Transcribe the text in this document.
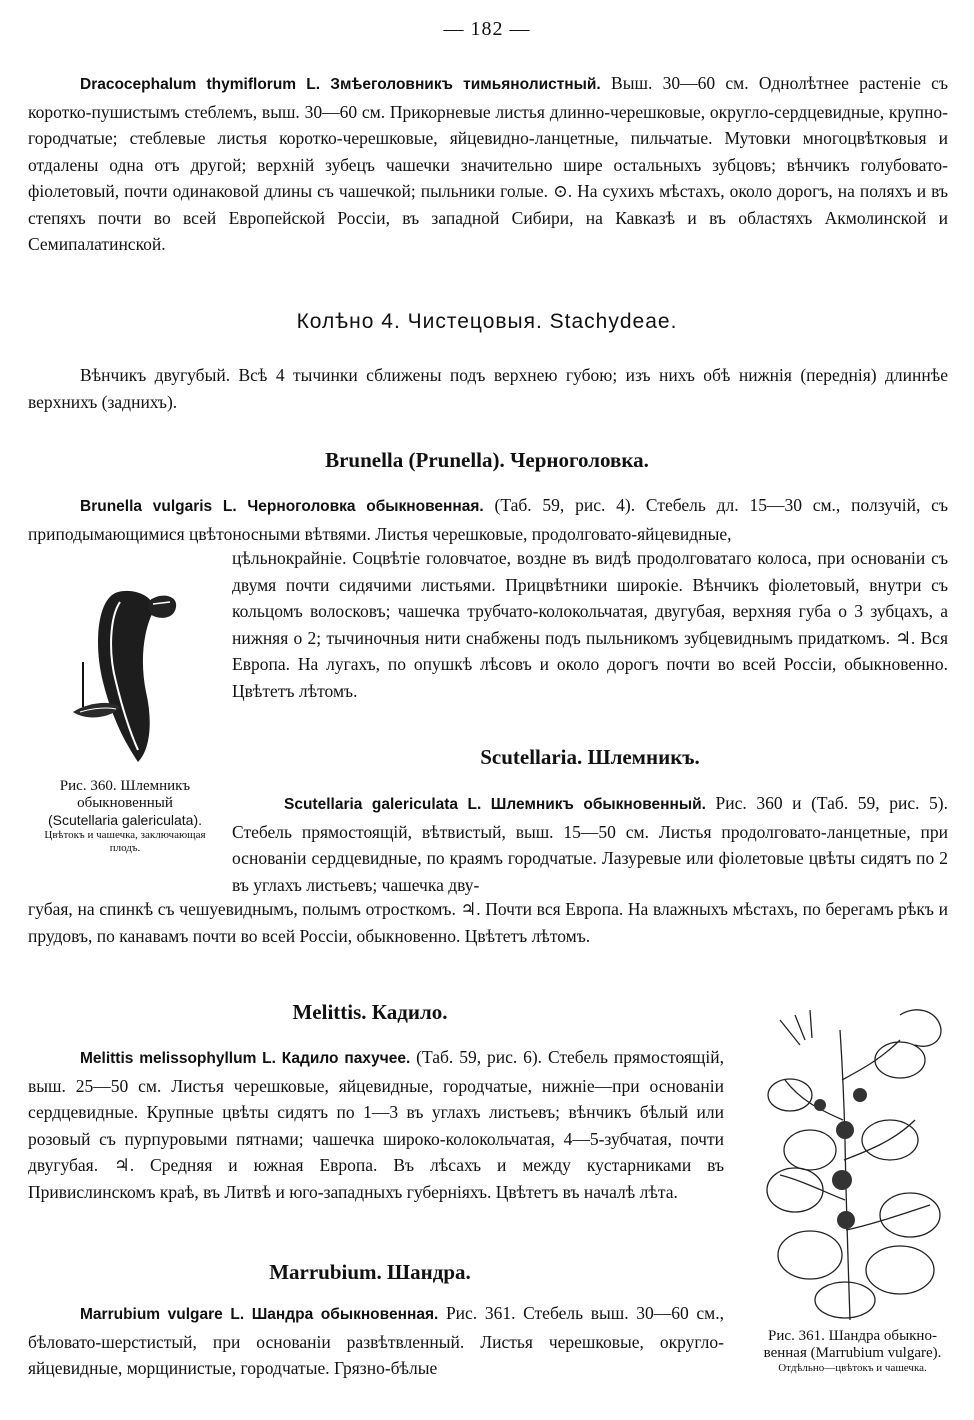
— 182 —

Dracocephalum thymiflorum L. Змѣеголовникъ тимьянолистный. Выш. 30—60 см. Однолѣтнее растеніе съ коротко-пушистымъ стеблемъ, выш. 30—60 см. Прикорневые листья длинно-черешковые, округло-сердцевидные, крупно-городчатые; стеблевые листья коротко-черешковые, яйцевидно-ланцетные, пильчатые. Мутовки многоцвѣтковыя и отдалены одна отъ другой; верхній зубецъ чашечки значительно шире остальныхъ зубцовъ; вѣнчикъ голубовато-фіолетовый, почти одинаковой длины съ чашечкой; пыльники голые. ⊙. На сухихъ мѣстахъ, около дорогъ, на поляхъ и въ степяхъ почти во всей Европейской Россіи, въ западной Сибири, на Кавказѣ и въ областяхъ Акмолинской и Семипалатинской.

Колѣно 4. Чистецовыя. Stachydeae.

Вѣнчикъ двугубый. Всѣ 4 тычинки сближены подъ верхнею губою; изъ нихъ обѣ нижнія (переднія) длиннѣе верхнихъ (заднихъ).

Brunella (Prunella). Черноголовка.

Brunella vulgaris L. Черноголовка обыкновенная. (Таб. 59, рис. 4). Стебель дл. 15—30 см., ползучій, съ приподымающимися цвѣтоносными вѣтвями. Листья черешковые, продолговато-яйцевидные,

цѣльнокрайніе. Соцвѣтіе головчатое, воздне въ видѣ продолговатаго колоса, при основаніи съ двумя почти сидячими листьями. Прицвѣтники широкіе. Вѣнчикъ фіолетовый, внутри съ кольцомъ волосковъ; чашечка трубчато-колокольчатая, двугубая, верхняя губа о 3 зубцахъ, а нижняя о 2; тычиночныя нити снабжены подъ пыльникомъ зубцевиднымъ придаткомъ. ♃. Вся Европа. На лугахъ, по опушкѣ лѣсовъ и около дорогъ почти во всей Россіи, обыкновенно. Цвѣтетъ лѣтомъ.

Рис. 360. Шлемникъ
обыкновенный
(Scutellaria galericulata).
Цвѣтокъ и чашечка, заключающая плодъ.
Scutellaria. Шлемникъ.

Scutellaria galericulata L. Шлемникъ обыкновенный. Рис. 360 и (Таб. 59, рис. 5). Стебель прямостоящій, вѣтвистый, выш. 15—50 см. Листья продолговато-ланцетные, при основаніи сердцевидные, по краямъ городчатые. Лазуревые или фіолетовые цвѣты сидятъ по 2 въ углахъ листьевъ; чашечка дву-

губая, на спинкѣ съ чешуевиднымъ, полымъ отросткомъ. ♃. Почти вся Европа. На влажныхъ мѣстахъ, по берегамъ рѣкъ и прудовъ, по канавамъ почти во всей Россіи, обыкновенно. Цвѣтетъ лѣтомъ.

Melittis. Кадило.

Melittis melissophyllum L. Кадило пахучее. (Таб. 59, рис. 6). Стебель прямостоящій, выш. 25—50 см. Листья черешковые, яйцевидные, городчатые, нижніе—при основаніи сердцевидные. Крупные цвѣты сидятъ по 1—3 въ углахъ листьевъ; вѣнчикъ бѣлый или розовый съ пурпуровыми пятнами; чашечка широко-колокольчатая, 4—5-зубчатая, почти двугубая. ♃. Средняя и южная Европа. Въ лѣсахъ и между кустарниками въ Привислинскомъ краѣ, въ Литвѣ и юго-западныхъ губерніяхъ. Цвѣтетъ въ началѣ лѣта.

Marrubium. Шандра.

Marrubium vulgare L. Шандра обыкновенная. Рис. 361. Стебель выш. 30—60 см., бѣловато-шерстистый, при основаніи развѣтвленный. Листья черешковые, округло-яйцевидные, морщинистые, городчатые. Грязно-бѣлые

Рис. 361. Шандра обыкно-
венная (Marrubium vulgare).
Отдѣльно—цвѣтокъ и чашечка.
